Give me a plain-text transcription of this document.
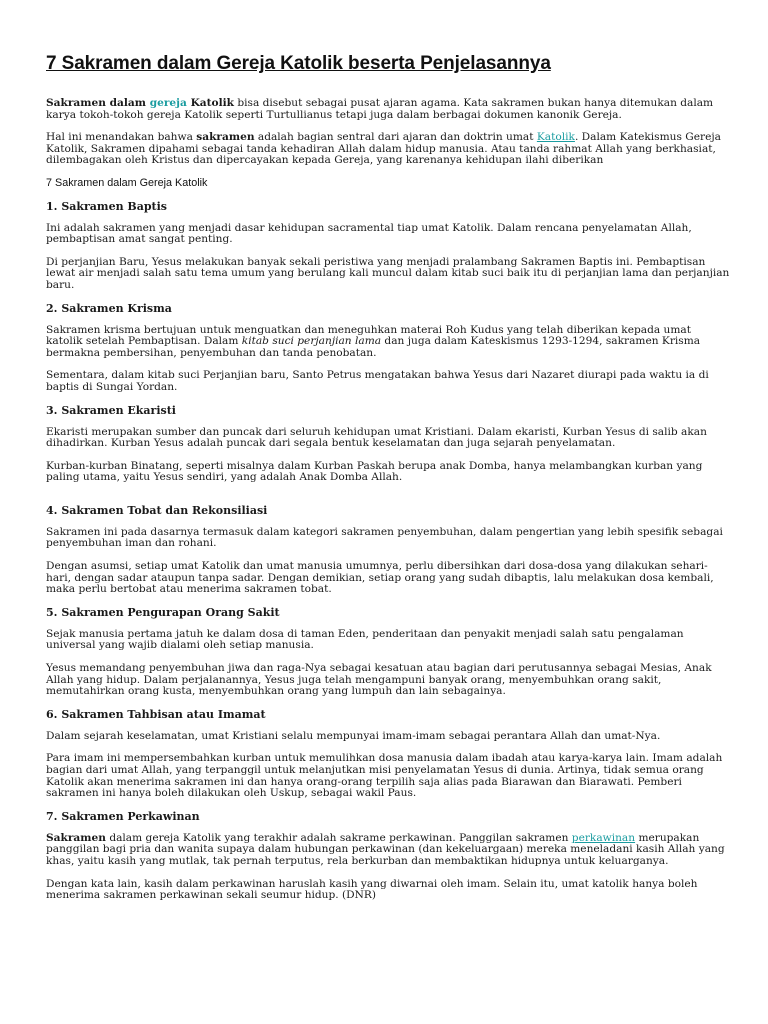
7 Sakramen dalam Gereja Katolik beserta Penjelasannya

Sakramen dalam gereja Katolik bisa disebut sebagai pusat ajaran agama. Kata sakramen bukan hanya ditemukan dalam karya tokoh-tokoh gereja Katolik seperti Turtullianus tetapi juga dalam berbagai dokumen kanonik Gereja.

Hal ini menandakan bahwa sakramen adalah bagian sentral dari ajaran dan doktrin umat Katolik. Dalam Katekismus Gereja Katolik, Sakramen dipahami sebagai tanda kehadiran Allah dalam hidup manusia. Atau tanda rahmat Allah yang berkhasiat, dilembagakan oleh Kristus dan dipercayakan kepada Gereja, yang karenanya kehidupan ilahi diberikan

7 Sakramen dalam Gereja Katolik
1. Sakramen Baptis

Ini adalah sakramen yang menjadi dasar kehidupan sacramental tiap umat Katolik. Dalam rencana penyelamatan Allah, pembaptisan amat sangat penting.

Di perjanjian Baru, Yesus melakukan banyak sekali peristiwa yang menjadi pralambang Sakramen Baptis ini. Pembaptisan lewat air menjadi salah satu tema umum yang berulang kali muncul dalam kitab suci baik itu di perjanjian lama dan perjanjian baru.

2. Sakramen Krisma

Sakramen krisma bertujuan untuk menguatkan dan meneguhkan materai Roh Kudus yang telah diberikan kepada umat katolik setelah Pembaptisan. Dalam kitab suci perjanjian lama dan juga dalam Kateskismus 1293-1294, sakramen Krisma bermakna pembersihan, penyembuhan dan tanda penobatan.

Sementara, dalam kitab suci Perjanjian baru, Santo Petrus mengatakan bahwa Yesus dari Nazaret diurapi pada waktu ia di baptis di Sungai Yordan.

3. Sakramen Ekaristi

Ekaristi merupakan sumber dan puncak dari seluruh kehidupan umat Kristiani. Dalam ekaristi, Kurban Yesus di salib akan dihadirkan. Kurban Yesus adalah puncak dari segala bentuk keselamatan dan juga sejarah penyelamatan.

Kurban-kurban Binatang, seperti misalnya dalam Kurban Paskah berupa anak Domba, hanya melambangkan kurban yang paling utama, yaitu Yesus sendiri, yang adalah Anak Domba Allah.

4. Sakramen Tobat dan Rekonsiliasi

Sakramen ini pada dasarnya termasuk dalam kategori sakramen penyembuhan, dalam pengertian yang lebih spesifik sebagai penyembuhan iman dan rohani.

Dengan asumsi, setiap umat Katolik dan umat manusia umumnya, perlu dibersihkan dari dosa-dosa yang dilakukan sehari-hari, dengan sadar ataupun tanpa sadar. Dengan demikian, setiap orang yang sudah dibaptis, lalu melakukan dosa kembali, maka perlu bertobat atau menerima sakramen tobat.

5. Sakramen Pengurapan Orang Sakit

Sejak manusia pertama jatuh ke dalam dosa di taman Eden, penderitaan dan penyakit menjadi salah satu pengalaman universal yang wajib dialami oleh setiap manusia.

Yesus memandang penyembuhan jiwa dan raga-Nya sebagai kesatuan atau bagian dari perutusannya sebagai Mesias, Anak Allah yang hidup. Dalam perjalanannya, Yesus juga telah mengampuni banyak orang, menyembuhkan orang sakit, memutahirkan orang kusta, menyembuhkan orang yang lumpuh dan lain sebagainya.

6. Sakramen Tahbisan atau Imamat

Dalam sejarah keselamatan, umat Kristiani selalu mempunyai imam-imam sebagai perantara Allah dan umat-Nya.

Para imam ini mempersembahkan kurban untuk memulihkan dosa manusia dalam ibadah atau karya-karya lain. Imam adalah bagian dari umat Allah, yang terpanggil untuk melanjutkan misi penyelamatan Yesus di dunia. Artinya, tidak semua orang Katolik akan menerima sakramen ini dan hanya orang-orang terpilih saja alias pada Biarawan dan Biarawati. Pemberi sakramen ini hanya boleh dilakukan oleh Uskup, sebagai wakil Paus.

7. Sakramen Perkawinan

Sakramen dalam gereja Katolik yang terakhir adalah sakrame perkawinan. Panggilan sakramen perkawinan merupakan panggilan bagi pria dan wanita supaya dalam hubungan perkawinan (dan kekeluargaan) mereka meneladani kasih Allah yang khas, yaitu kasih yang mutlak, tak pernah terputus, rela berkurban dan membaktikan hidupnya untuk keluarganya.

Dengan kata lain, kasih dalam perkawinan haruslah kasih yang diwarnai oleh imam. Selain itu, umat katolik hanya boleh menerima sakramen perkawinan sekali seumur hidup. (DNR)
